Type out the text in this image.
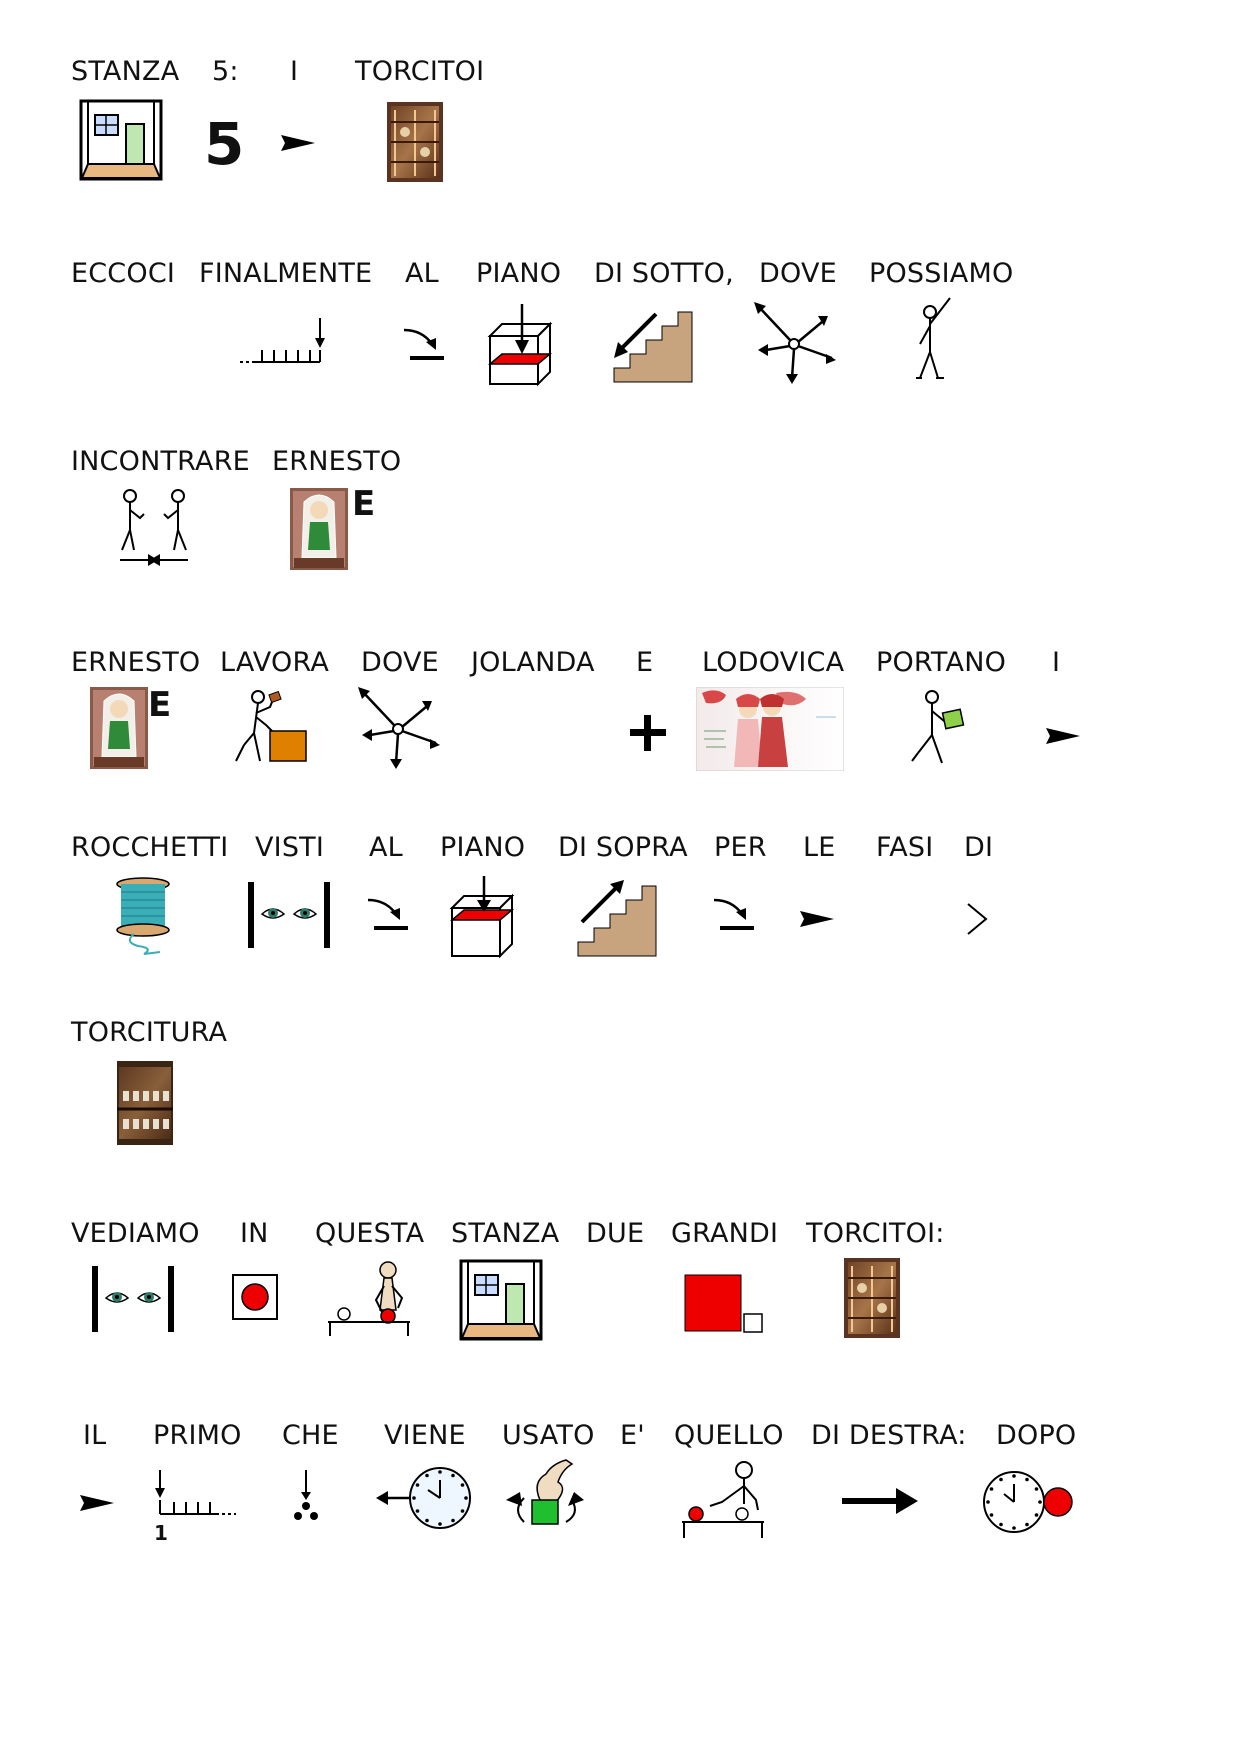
STANZA 5: I TORCITOI
5
ECCOCI FINALMENTE AL PIANO DI SOTTO, DOVE POSSIAMO
INCONTRARE ERNESTO
E
ERNESTO LAVORA DOVE JOLANDA E LODOVICA PORTANO I
E
ROCCHETTI VISTI AL PIANO DI SOPRA PER LE FASI DI
TORCITURA
VEDIAMO IN QUESTA STANZA DUE GRANDI TORCITOI:
IL PRIMO CHE VIENE USATO E' QUELLO DI DESTRA: DOPO
1
